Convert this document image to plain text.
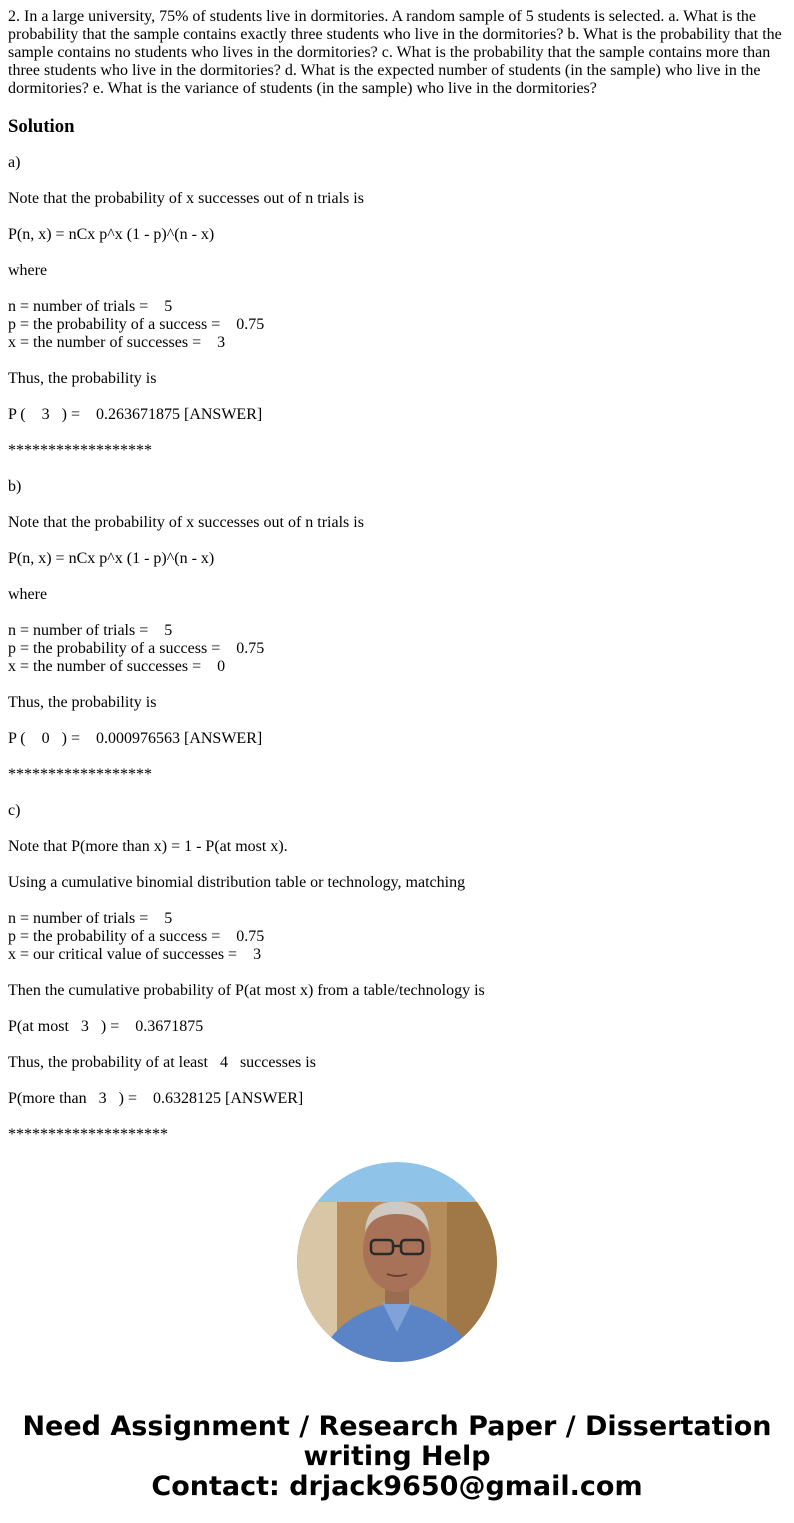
2. In a large university, 75% of students live in dormitories. A random sample of 5 students is selected. a. What is the probability that the sample contains exactly three students who live in the dormitories? b. What is the probability that the sample contains no students who lives in the dormitories? c. What is the probability that the sample contains more than three students who live in the dormitories? d. What is the expected number of students (in the sample) who live in the dormitories? e. What is the variance of students (in the sample) who live in the dormitories?

Solution

a)

Note that the probability of x successes out of n trials is

P(n, x) = nCx p^x (1 - p)^(n - x)

where

n = number of trials =    5
p = the probability of a success =    0.75
x = the number of successes =    3

Thus, the probability is

P (    3   ) =    0.263671875 [ANSWER]

******************

b)

Note that the probability of x successes out of n trials is

P(n, x) = nCx p^x (1 - p)^(n - x)

where

n = number of trials =    5
p = the probability of a success =    0.75
x = the number of successes =    0

Thus, the probability is

P (    0   ) =    0.000976563 [ANSWER]

******************

c)

Note that P(more than x) = 1 - P(at most x).

Using a cumulative binomial distribution table or technology, matching

n = number of trials =    5
p = the probability of a success =    0.75
x = our critical value of successes =    3

Then the cumulative probability of P(at most x) from a table/technology is

P(at most   3   ) =    0.3671875

Thus, the probability of at least   4   successes is

P(more than   3   ) =    0.6328125 [ANSWER]

********************

Need Assignment / Research Paper / Dissertation
writing Help
Contact: drjack9650@gmail.com
